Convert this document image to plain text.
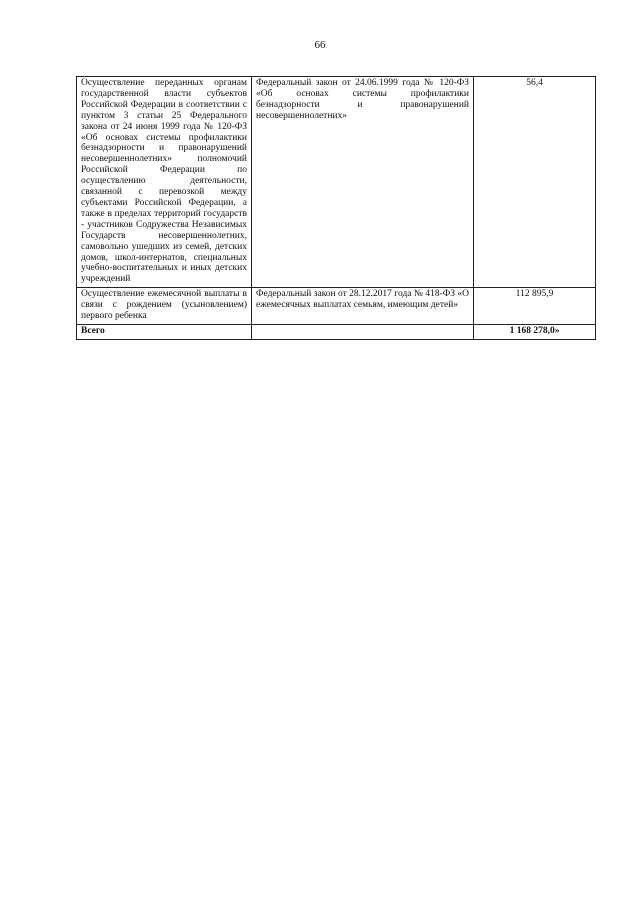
66
Осуществление переданных органам государственной власти субъектов Российской Федерации в соответствии с пунктом 3 статьи 25 Федерального закона от 24 июня 1999 года № 120-ФЗ «Об основах системы профилактики безнадзорности и правонарушений несовершеннолетних» полномочий Российской Федерации по осуществлению деятельности, связанной с перевозкой между субъектами Российской Федерации, а также в пределах территорий государств - участников Содружества Независимых Государств несовершеннолетних, самовольно ушедших из семей, детских домов, школ-интернатов, специальных учебно-воспитательных и иных детских учреждений	Федеральный закон от 24.06.1999 года № 120-ФЗ «Об основах системы профилактики безнадзорности и правонарушений несовершеннолетних»	56,4
Осуществление ежемесячной выплаты в связи с рождением (усыновлением) первого ребенка	Федеральный закон от 28.12.2017 года № 418-ФЗ «О ежемесячных выплатах семьям, имеющим детей»	112 895,9
Всего		1 168 278,0»
